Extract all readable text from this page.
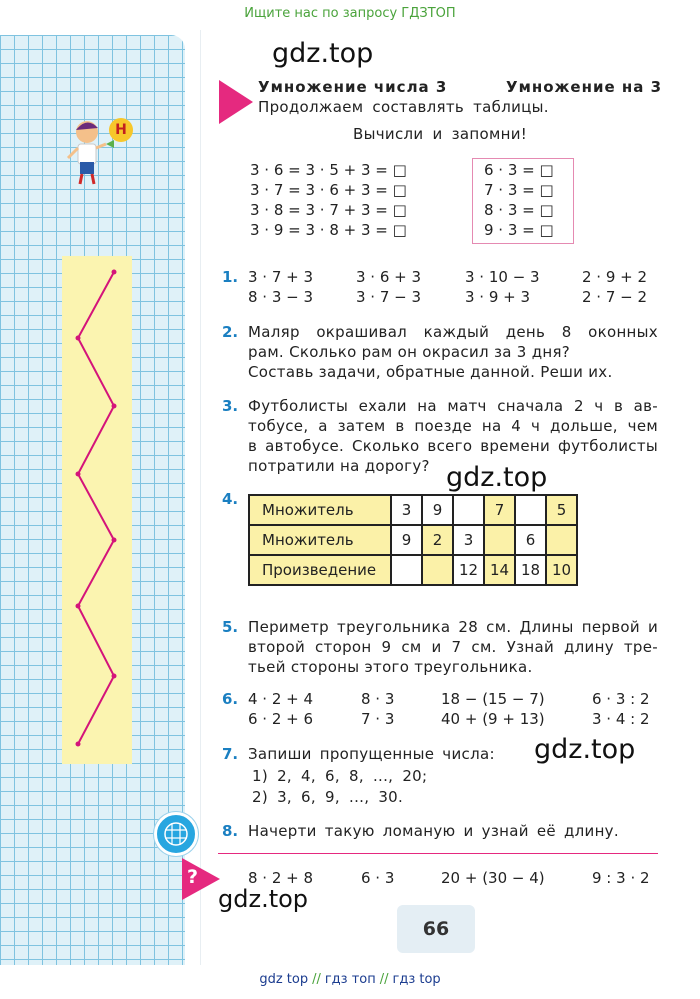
Ищите нас по запросу ГДЗТОП
Н
gdz.top
gdz.top
gdz.top
gdz.top
Умножение числа 3	Умножение на 3
Продолжаем составлять таблицы.
Вычисли и запомни!
3 · 6 = 3 · 5 + 3 = □
3 · 7 = 3 · 6 + 3 = □
3 · 8 = 3 · 7 + 3 = □
3 · 9 = 3 · 8 + 3 = □
6 · 3 = □
7 · 3 = □
8 · 3 = □
9 · 3 = □
1. 3 · 7 + 3	3 · 6 + 3	3 · 10 − 3	2 · 9 + 2
8 · 3 − 3	3 · 7 − 3	3 · 9 + 3	2 · 7 − 2
2. Маляр окрашивал каждый день 8 оконных
рам. Сколько рам он окрасил за 3 дня?
Составь задачи, обратные данной. Реши их.
3. Футболисты ехали на матч сначала 2 ч в ав-
тобусе, а затем в поезде на 4 ч дольше, чем
в автобусе. Сколько всего времени футболисты
потратили на дорогу?
4.
Множитель	3	9		7		5
Множитель	9	2	3		6	
Произведение			12	14	18	10
5. Периметр треугольника 28 см. Длины первой и
второй сторон 9 см и 7 см. Узнай длину тре-
тьей стороны этого треугольника.
6. 4 · 2 + 4	8 · 3	18 − (15 − 7)	6 · 3 : 2
6 · 2 + 6	7 · 3	40 + (9 + 13)	3 · 4 : 2
7. Запиши пропущенные числа:
1) 2, 4, 6, 8, ..., 20;
2) 3, 6, 9, ..., 30.
8. Начерти такую ломаную и узнай её длину.
?	8 · 2 + 8	6 · 3	20 + (30 − 4)	9 : 3 · 2
66
gdz top // гдз топ // гдз top
